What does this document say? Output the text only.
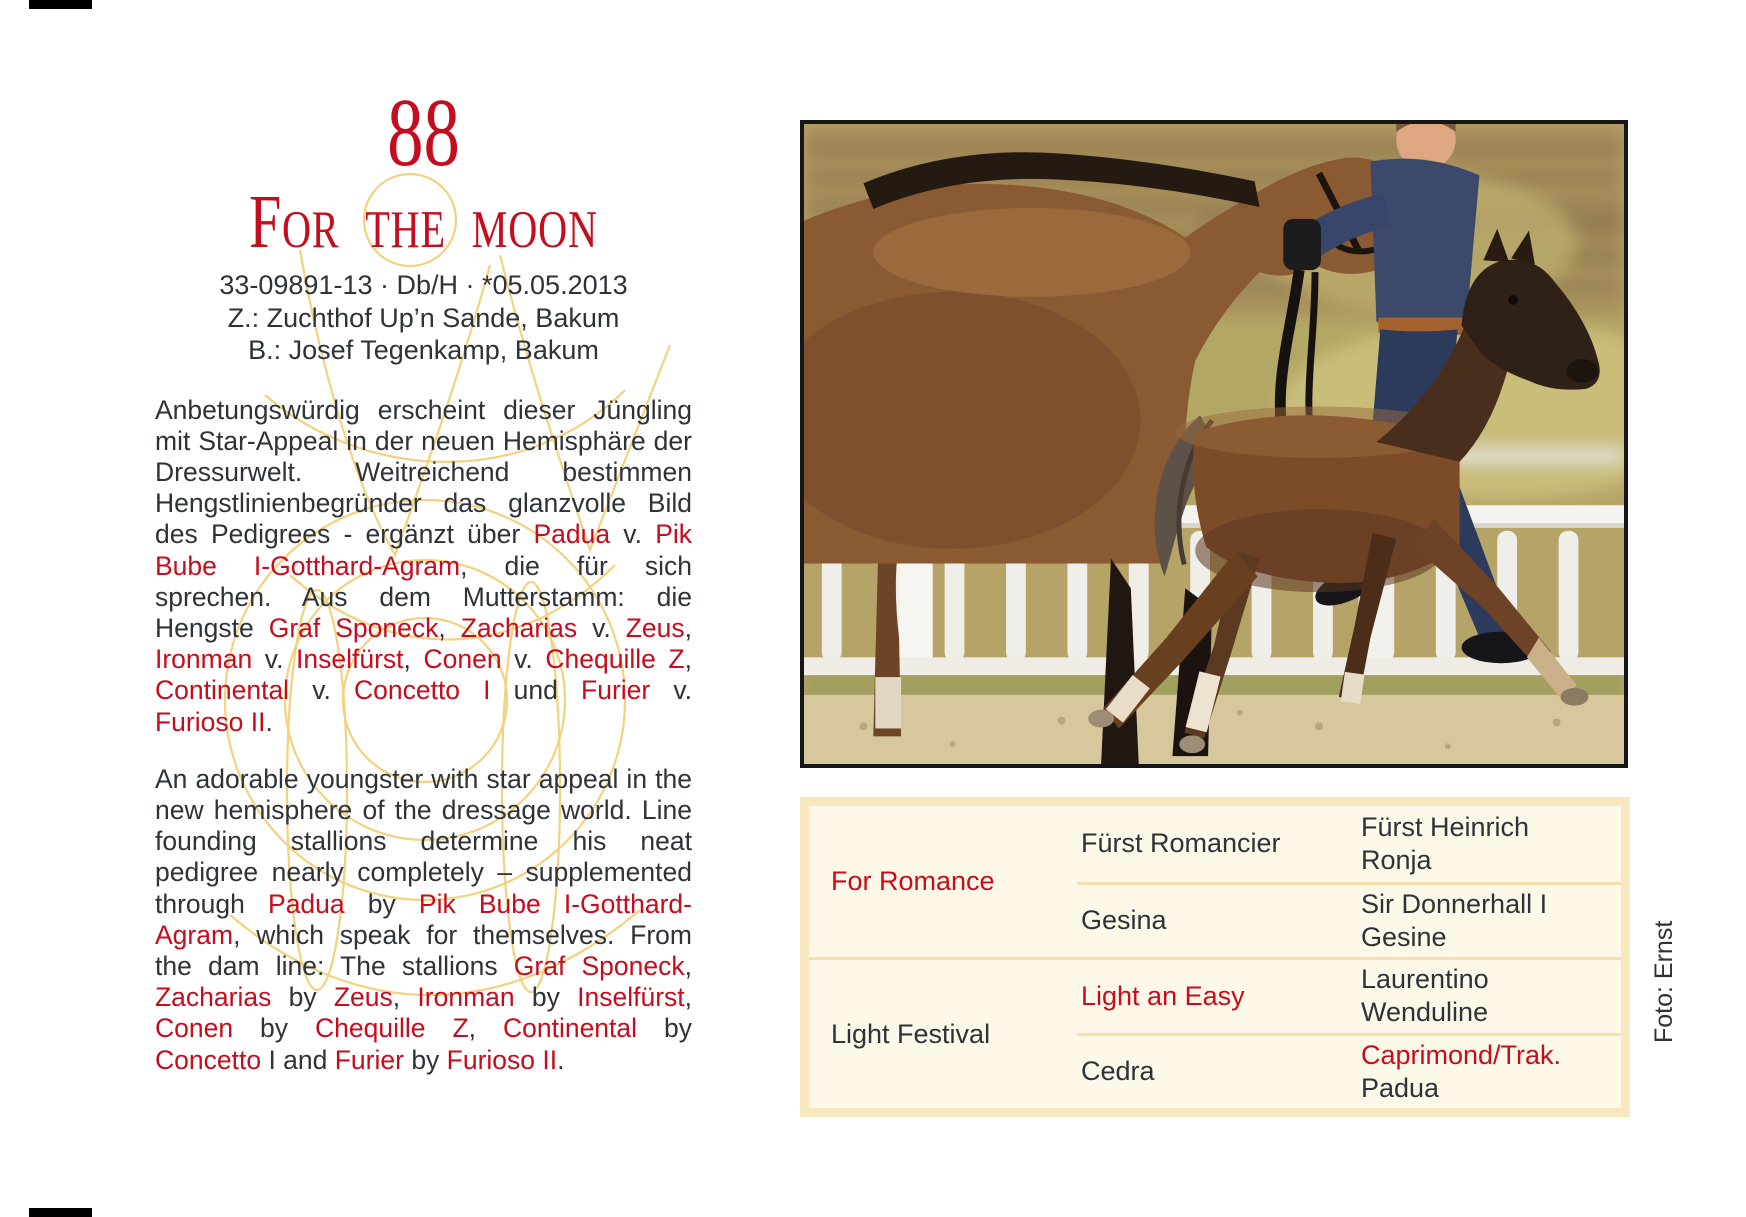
88
For the moon
33-09891-13 · Db/H · *05.05.2013
Z.: Zuchthof Up’n Sande, Bakum
B.: Josef Tegenkamp, Bakum
Anbetungswürdig erscheint dieser Jüngling mit Star-Appeal in der neuen Hemisphäre der Dressurwelt. Weitreichend bestimmen Hengstlinienbegründer das glanzvolle Bild des Pedigrees - ergänzt über Padua v. Pik Bube I-Gotthard-Agram, die für sich sprechen. Aus dem Mutterstamm: die Hengste Graf Sponeck, Zacharias v. Zeus, Ironman v. Inselfürst, Conen v. Chequille Z, Continental v. Concetto I und Furier v. Furioso II.
An adorable youngster with star appeal in the new hemisphere of the dressage world. Line founding stallions determine his neat pedigree nearly completely – supplemented through Padua by Pik Bube I-Gotthard-Agram, which speak for themselves. From the dam line: The stallions Graf Sponeck, Zacharias by Zeus, Ironman by Inselfürst, Conen by Chequille Z, Continental by Concetto I and Furier by Furioso II.
For Romance
Fürst Romancier
Fürst Heinrich
Ronja
Gesina
Sir Donnerhall I
Gesine
Light Festival
Light an Easy
Laurentino
Wenduline
Cedra
Caprimond/Trak.
Padua
Foto: Ernst
